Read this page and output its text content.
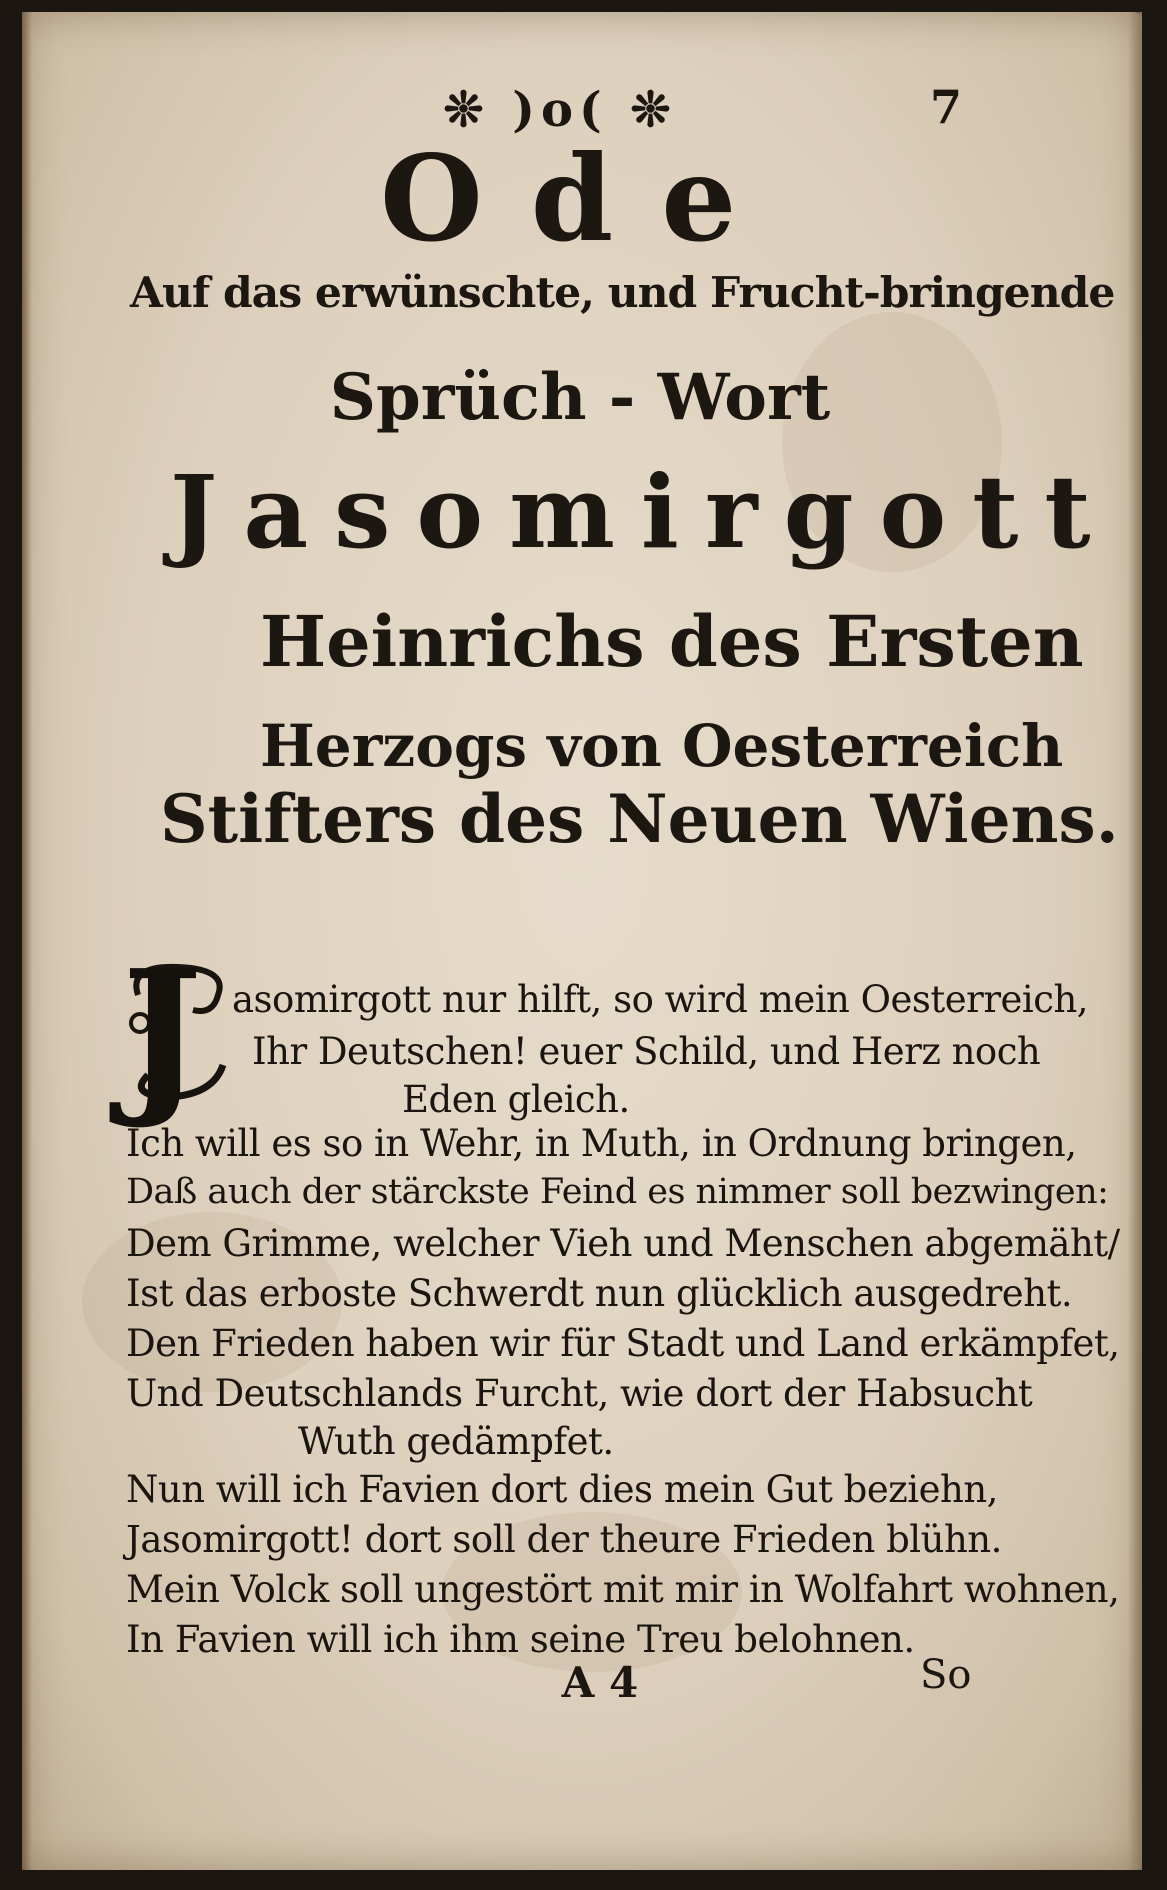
❊ )o( ❊	7
Ode
Auf das erwünschte, und Frucht-bringende
Sprüch - Wort
Jasomirgott
Heinrichs des Ersten
Herzogs von Oesterreich
Stifters des Neuen Wiens.
J asomirgott nur hilft, so wird mein Oesterreich,
Ihr Deutschen! euer Schild, und Herz noch
Eden gleich.
Ich will es so in Wehr, in Muth, in Ordnung bringen,
Daß auch der stärckste Feind es nimmer soll bezwingen:
Dem Grimme, welcher Vieh und Menschen abgemäht/
Ist das erboste Schwerdt nun glücklich ausgedreht.
Den Frieden haben wir für Stadt und Land erkämpfet,
Und Deutschlands Furcht, wie dort der Habsucht
Wuth gedämpfet.
Nun will ich Favien dort dies mein Gut beziehn,
Jasomirgott! dort soll der theure Frieden blühn.
Mein Volck soll ungestört mit mir in Wolfahrt wohnen,
In Favien will ich ihm seine Treu belohnen.
A 4	So
